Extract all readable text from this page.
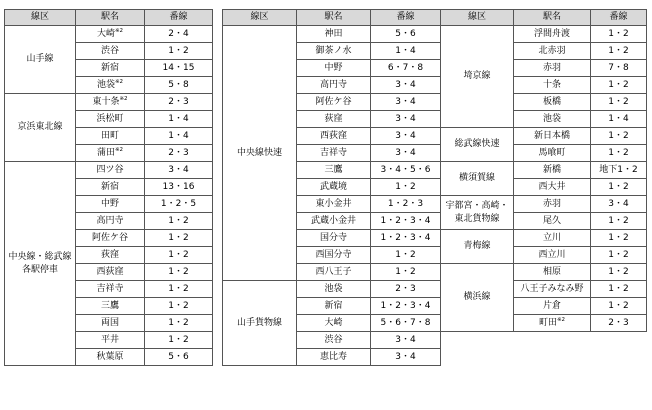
線区	駅名	番線
山手線	大崎$^{※2}$	2・4
	渋谷	1・2
	新宿	14・15
	池袋$^{※2}$	5・8
京浜東北線	東十条$^{※2}$	2・3
	浜松町	1・4
	田町	1・4
	蒲田$^{※2}$	2・3
中央線・総武線
各駅停車	四ツ谷	3・4
	新宿	13・16
	中野	1・2・5
	高円寺	1・2
	阿佐ケ谷	1・2
	荻窪	1・2
	西荻窪	1・2
	吉祥寺	1・2
	三鷹	1・2
	両国	1・2
	平井	1・2
	秋葉原	5・6
線区	駅名	番線
中央線快速	神田	5・6
	御茶ノ水	1・4
	中野	6・7・8
	高円寺	3・4
	阿佐ケ谷	3・4
	荻窪	3・4
	西荻窪	3・4
	吉祥寺	3・4
	三鷹	3・4・5・6
	武蔵境	1・2
	東小金井	1・2・3
	武蔵小金井	1・2・3・4
	国分寺	1・2・3・4
	西国分寺	1・2
	西八王子	1・2
山手貨物線	池袋	2・3
	新宿	1・2・3・4
	大崎	5・6・7・8
	渋谷	3・4
	恵比寿	3・4
線区	駅名	番線
埼京線	浮間舟渡	1・2
	北赤羽	1・2
	赤羽	7・8
	十条	1・2
	板橋	1・2
	池袋	1・4
総武線快速	新日本橋	1・2
	馬喰町	1・2
横須賀線	新橋	地下1・2
	西大井	1・2
宇都宮・高崎・
東北貨物線	赤羽	3・4
	尾久	1・2
青梅線	立川	1・2
	西立川	1・2
横浜線	相原	1・2
	八王子みなみ野	1・2
	片倉	1・2
	町田$^{※2}$	2・3
